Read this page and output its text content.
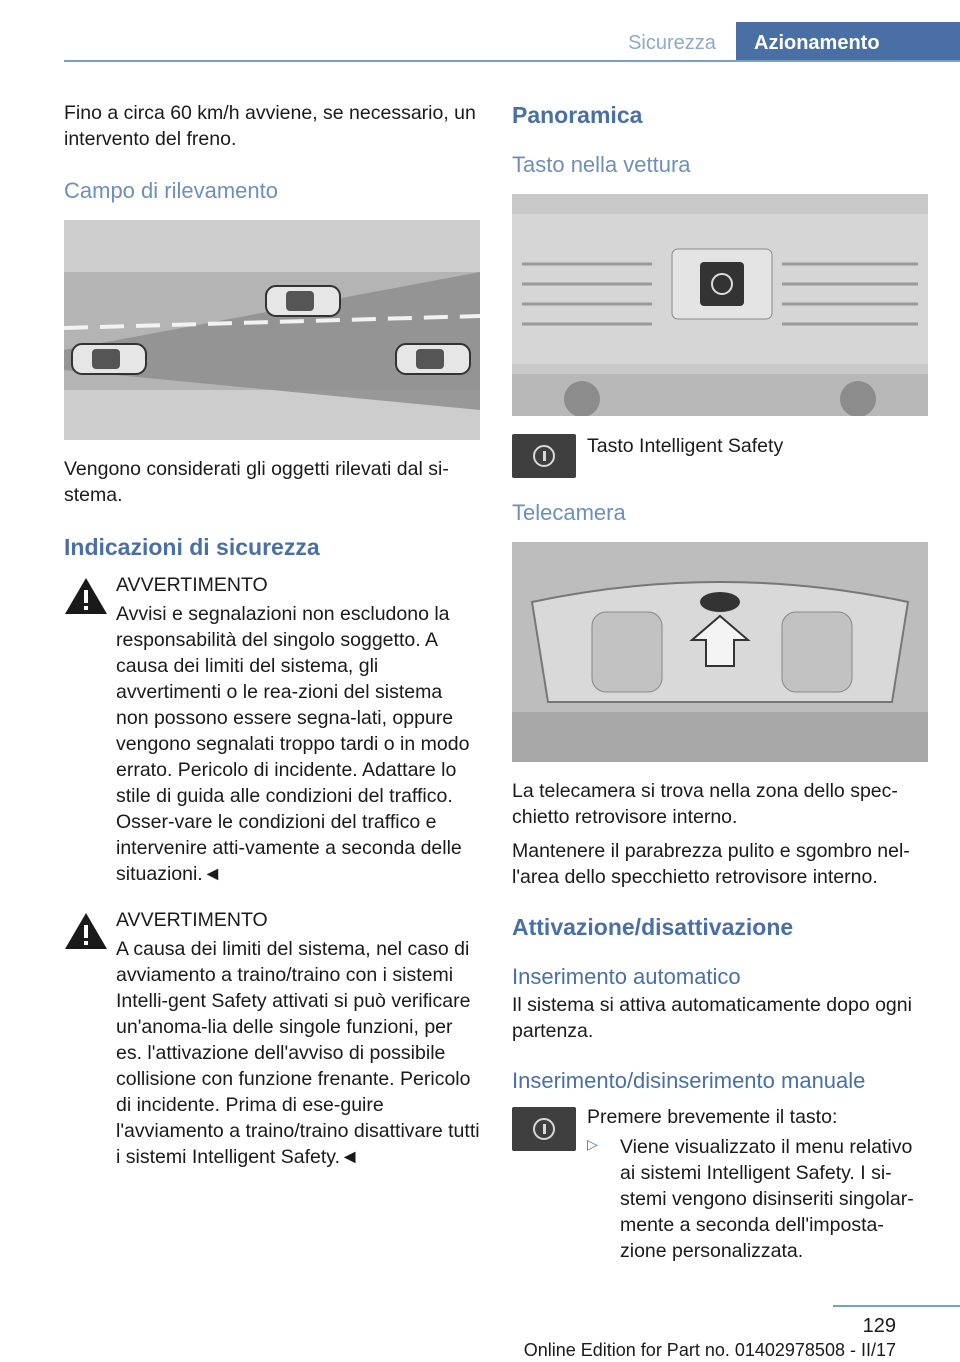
Sicurezza	Azionamento

Fino a circa 60 km/h avviene, se necessario, un intervento del freno.

Campo di rilevamento

Vengono considerati gli oggetti rilevati dal si-stema.

Indicazioni di sicurezza

AVVERTIMENTO

Avvisi e segnalazioni non escludono la responsabilità del singolo soggetto. A causa dei limiti del sistema, gli avvertimenti o le rea-zioni del sistema non possono essere segna-lati, oppure vengono segnalati troppo tardi o in modo errato. Pericolo di incidente. Adattare lo stile di guida alle condizioni del traffico. Osser-vare le condizioni del traffico e intervenire atti-vamente a seconda delle situazioni.◄

AVVERTIMENTO

A causa dei limiti del sistema, nel caso di avviamento a traino/traino con i sistemi Intelli-gent Safety attivati si può verificare un'anoma-lia delle singole funzioni, per es. l'attivazione dell'avviso di possibile collisione con funzione frenante. Pericolo di incidente. Prima di ese-guire l'avviamento a traino/traino disattivare tutti i sistemi Intelligent Safety.◄

Panoramica
Tasto nella vettura

Tasto Intelligent Safety

Telecamera

La telecamera si trova nella zona dello spec-chietto retrovisore interno.

Mantenere il parabrezza pulito e sgombro nel-l'area dello specchietto retrovisore interno.

Attivazione/disattivazione
Inserimento automatico

Il sistema si attiva automaticamente dopo ogni partenza.

Inserimento/disinserimento manuale

Premere brevemente il tasto:

▷ Viene visualizzato il menu relativo ai sistemi Intelligent Safety. I si-stemi vengono disinseriti singolar-mente a seconda dell'imposta-zione personalizzata.

129
Online Edition for Part no. 01402978508 - II/17
